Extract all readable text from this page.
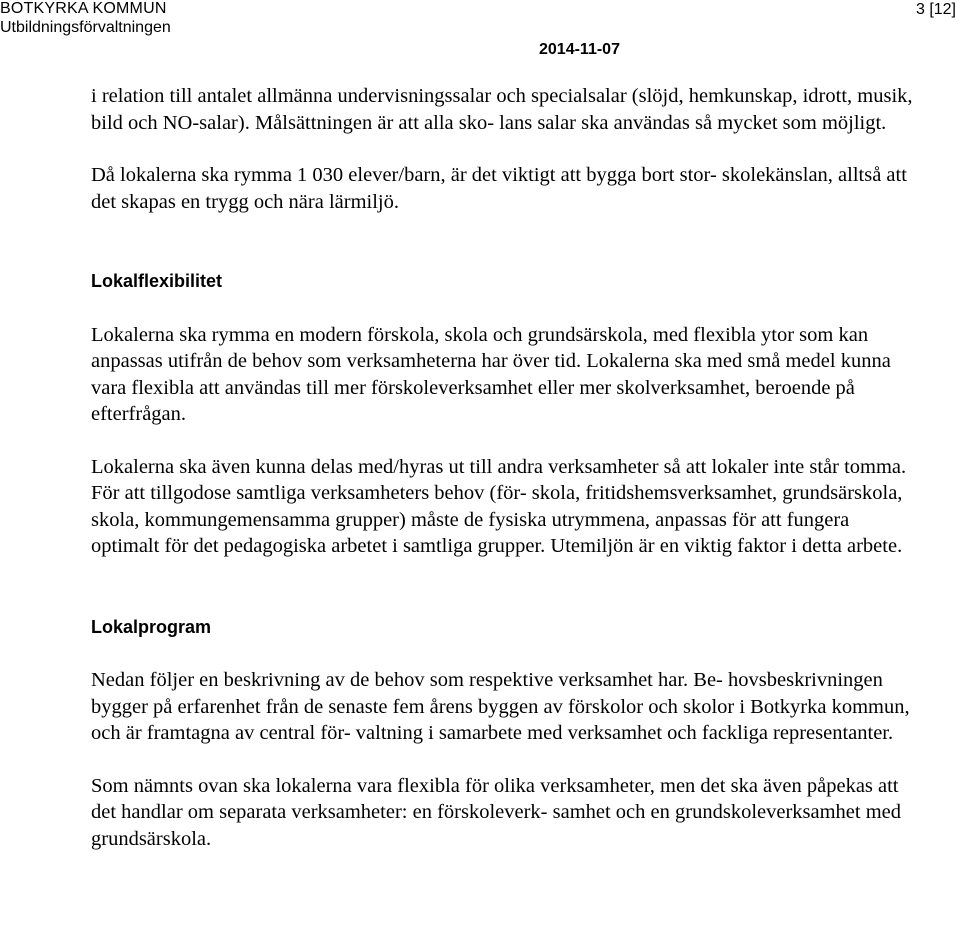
BOTKYRKA KOMMUN
Utbildningsförvaltningen
3 [12]
2014-11-07

i relation till antalet allmänna undervisningssalar och specialsalar (slöjd, hemkunskap, idrott, musik, bild och NO-salar). Målsättningen är att alla sko- lans salar ska användas så mycket som möjligt.

Då lokalerna ska rymma 1 030 elever/barn, är det viktigt att bygga bort stor- skolekänslan, alltså att det skapas en trygg och nära lärmiljö.

Lokalflexibilitet

Lokalerna ska rymma en modern förskola, skola och grundsärskola, med flexibla ytor som kan anpassas utifrån de behov som verksamheterna har över tid. Lokalerna ska med små medel kunna vara flexibla att användas till mer förskoleverksamhet eller mer skolverksamhet, beroende på efterfrågan.

Lokalerna ska även kunna delas med/hyras ut till andra verksamheter så att lokaler inte står tomma. För att tillgodose samtliga verksamheters behov (för- skola, fritidshemsverksamhet, grundsärskola, skola, kommungemensamma grupper) måste de fysiska utrymmena, anpassas för att fungera optimalt för det pedagogiska arbetet i samtliga grupper. Utemiljön är en viktig faktor i detta arbete.

Lokalprogram

Nedan följer en beskrivning av de behov som respektive verksamhet har. Be- hovsbeskrivningen bygger på erfarenhet från de senaste fem årens byggen av förskolor och skolor i Botkyrka kommun, och är framtagna av central för- valtning i samarbete med verksamhet och fackliga representanter.

Som nämnts ovan ska lokalerna vara flexibla för olika verksamheter, men det ska även påpekas att det handlar om separata verksamheter: en förskoleverk- samhet och en grundskoleverksamhet med grundsärskola.
